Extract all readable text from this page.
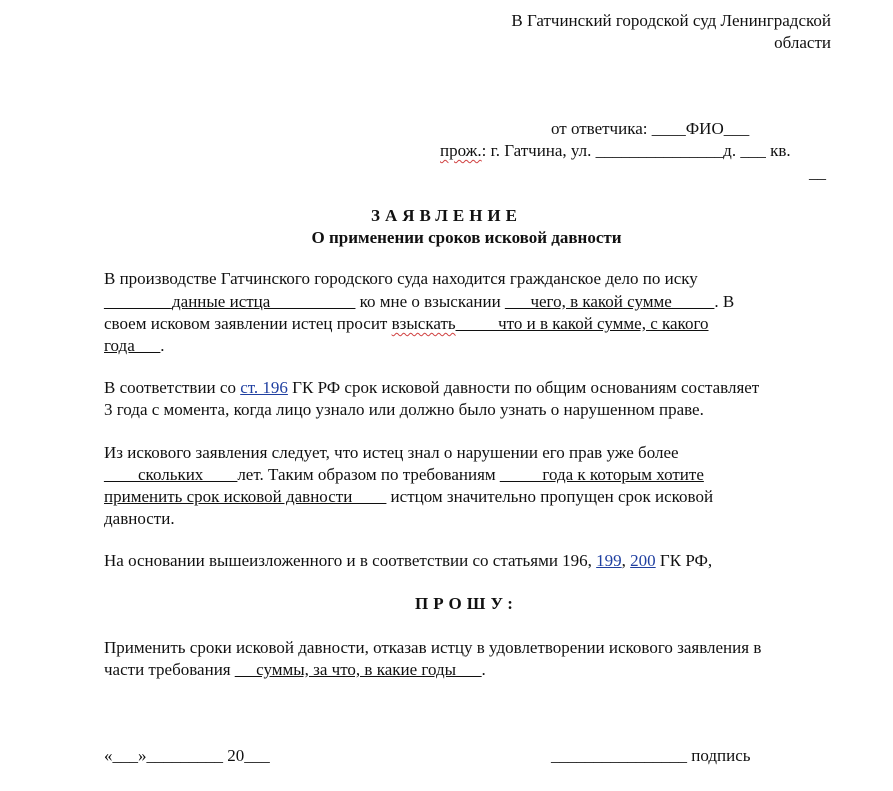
В Гатчинский городской суд Ленинградской
области
от ответчика: ____ФИО___
прож.: г. Гатчина, ул. _______________д. ___ кв.
__
ЗАЯВЛЕНИЕ
О применении сроков исковой давности
В производстве Гатчинского городского суда находится гражданское дело по иску
________данные истца__________ ко мне о взыскании ___чего, в какой сумме_____. В
своем исковом заявлении истец просит взыскать_____что и в какой сумме, с какого
года___.
В соответствии со ст. 196 ГК РФ срок исковой давности по общим основаниям составляет
3 года с момента, когда лицо узнало или должно было узнать о нарушенном праве.
Из искового заявления следует, что истец знал о нарушении его прав уже более
____скольких____лет. Таким образом по требованиям _____года к которым хотите
применить срок исковой давности____ истцом значительно пропущен срок исковой
давности.
На основании вышеизложенного и в соответствии со статьями 196, 199, 200 ГК РФ,
ПРОШУ:
Применить сроки исковой давности, отказав истцу в удовлетворении искового заявления в
части требования __ суммы, за что, в какие годы___.
«___»_________ 20___	________________ подпись
